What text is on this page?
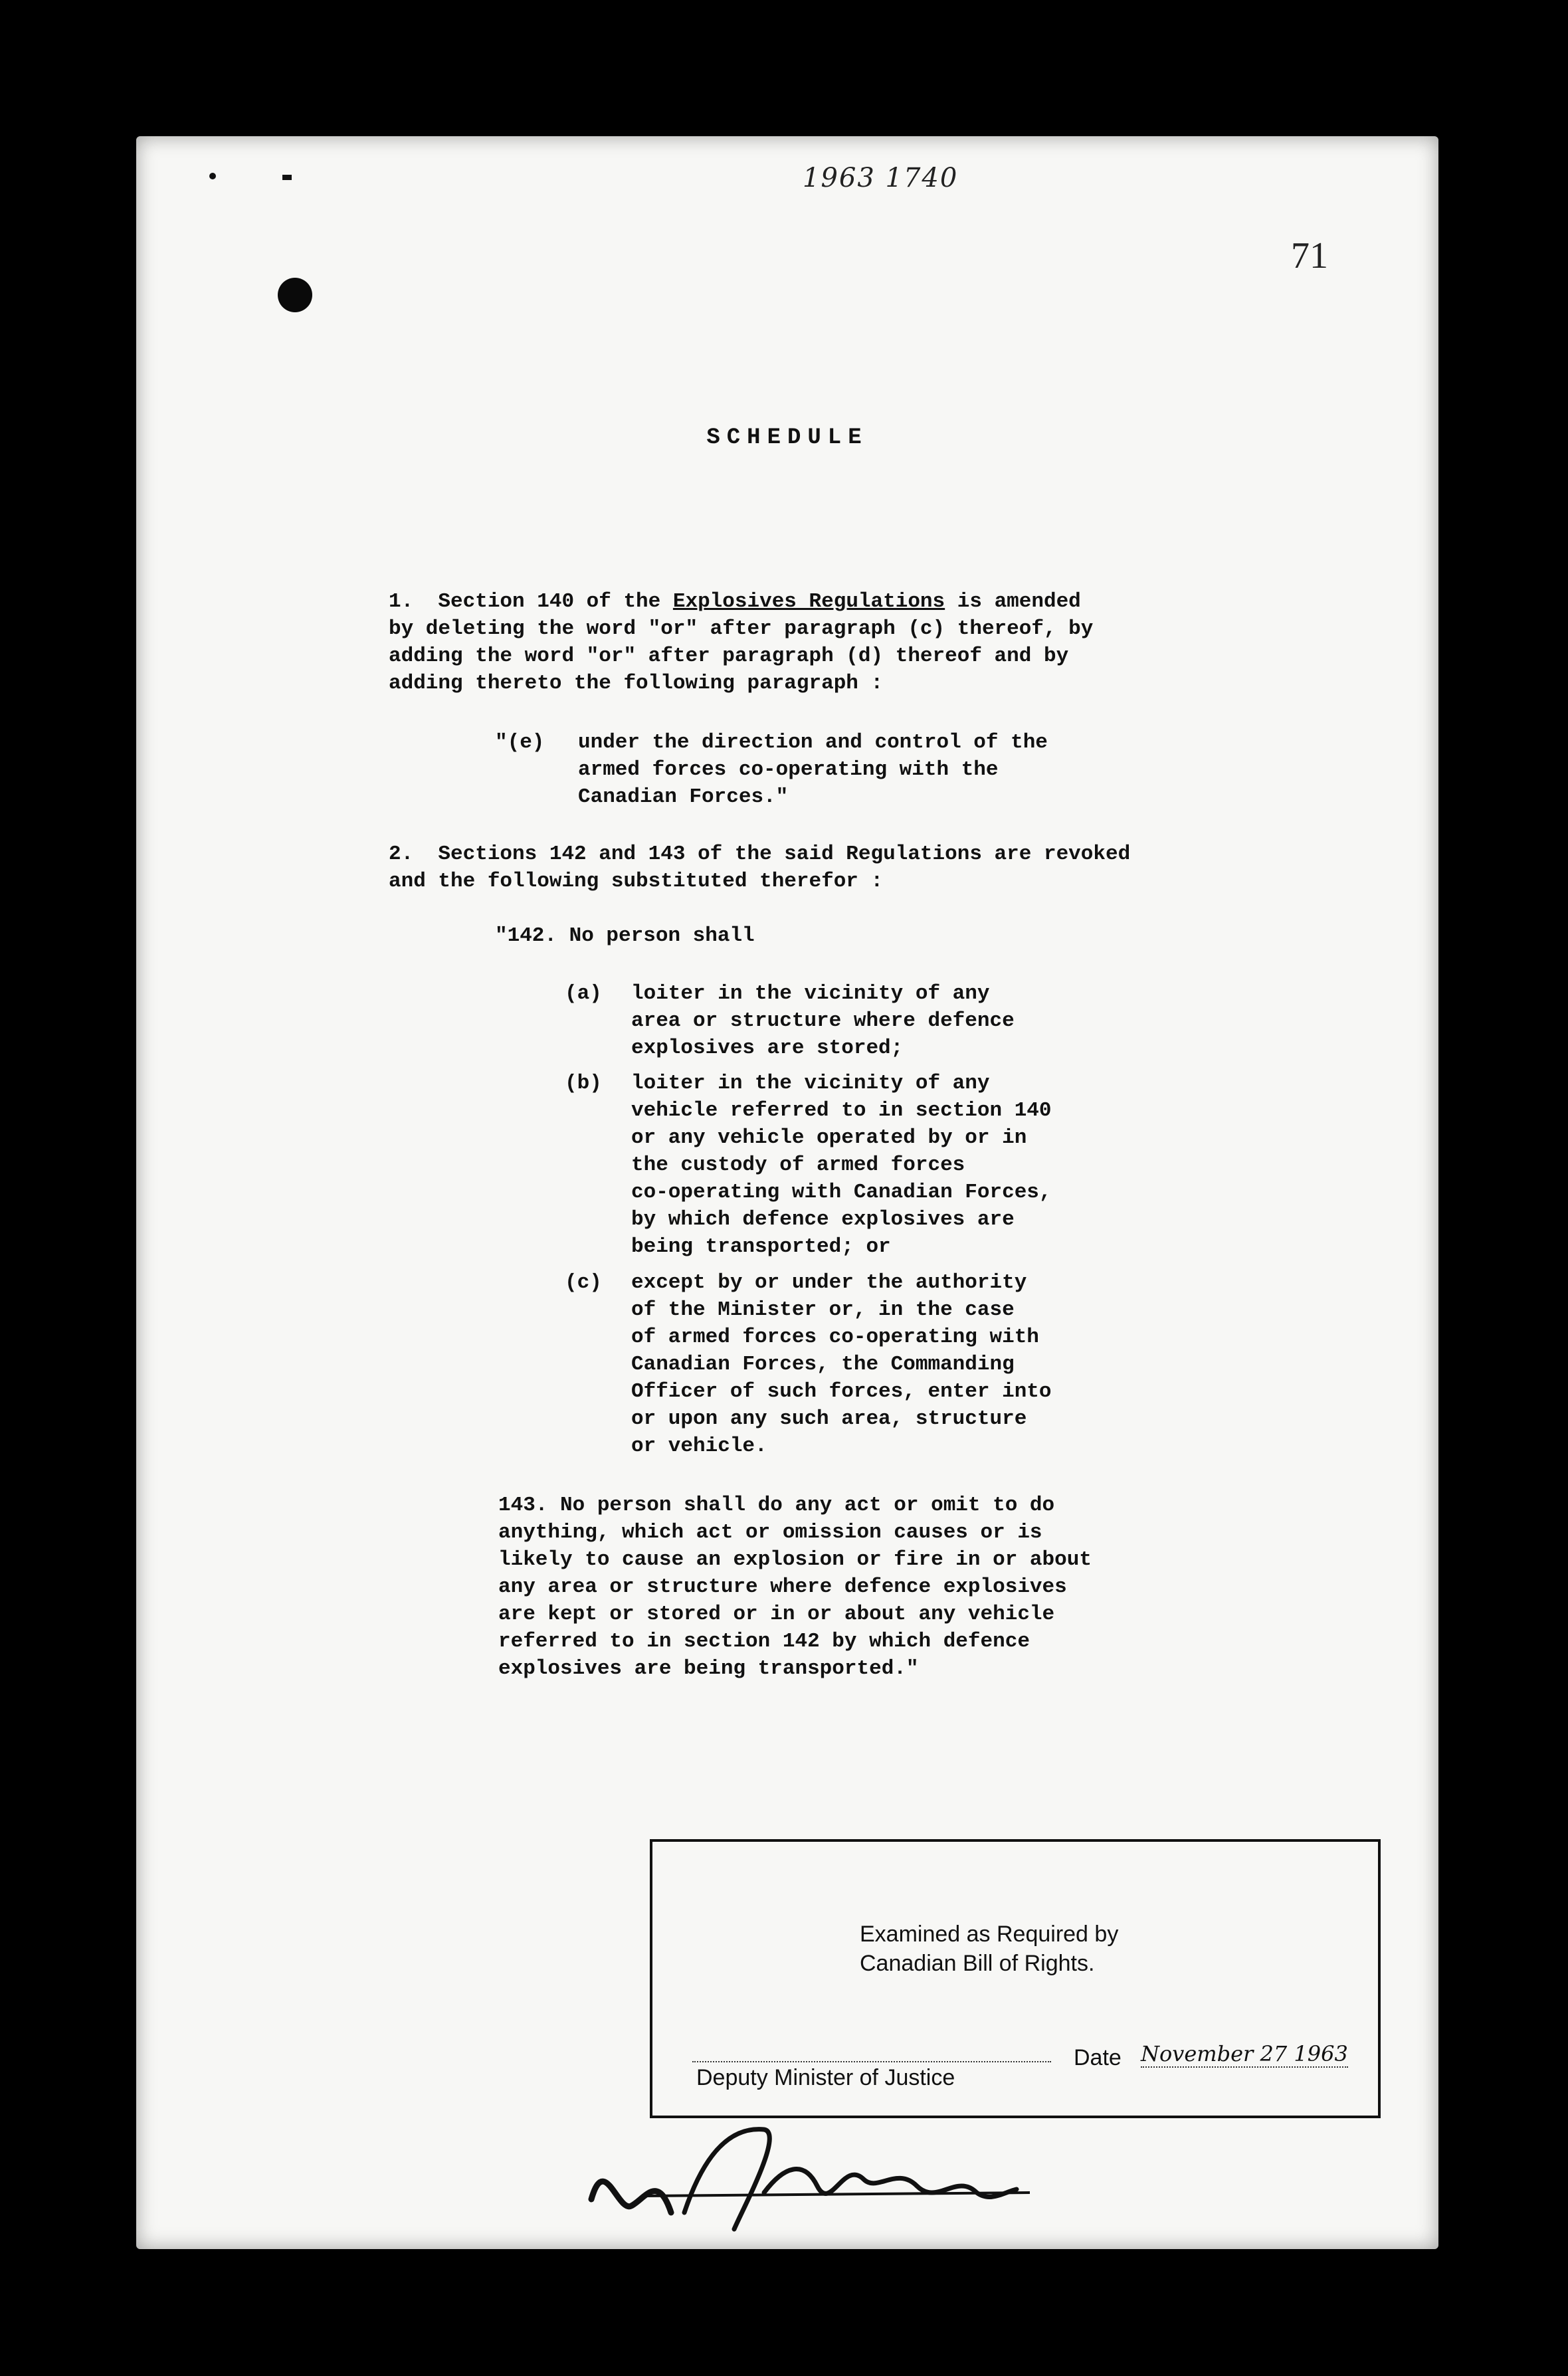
1963 1740
71
SCHEDULE
1.  Section 140 of the Explosives Regulations is amended
by deleting the word "or" after paragraph (c) thereof, by
adding the word "or" after paragraph (d) thereof and by
adding thereto the following paragraph :
"(e) under the direction and control of the
armed forces co-operating with the
Canadian Forces."
2.  Sections 142 and 143 of the said Regulations are revoked
and the following substituted therefor :
"142. No person shall
(a) loiter in the vicinity of any
area or structure where defence
explosives are stored;
(b) loiter in the vicinity of any
vehicle referred to in section 140
or any vehicle operated by or in
the custody of armed forces
co-operating with Canadian Forces,
by which defence explosives are
being transported; or
(c) except by or under the authority
of the Minister or, in the case
of armed forces co-operating with
Canadian Forces, the Commanding
Officer of such forces, enter into
or upon any such area, structure
or vehicle.
143. No person shall do any act or omit to do
anything, which act or omission causes or is
likely to cause an explosion or fire in or about
any area or structure where defence explosives
are kept or stored or in or about any vehicle
referred to in section 142 by which defence
explosives are being transported."
Examined as Required by
Canadian Bill of Rights.
Deputy Minister of Justice
Date November 27 1963
